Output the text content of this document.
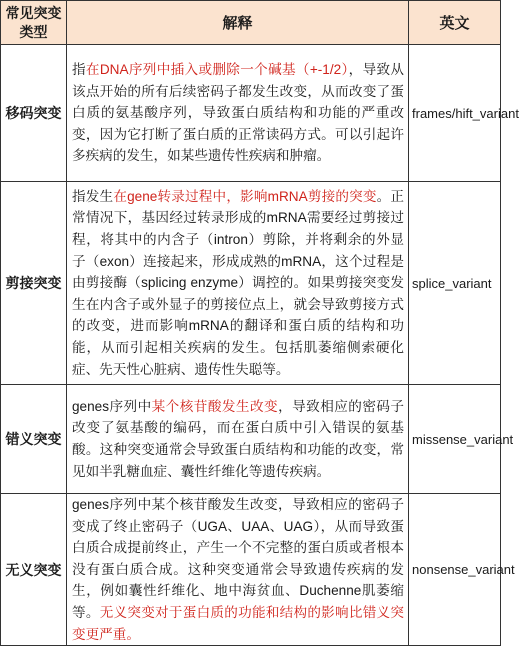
常见突变类型	解释	英文
移码突变	指在DNA序列中插入或删除一个碱基（+-1/2），导致从该点开始的所有后续密码子都发生改变，从而改变了蛋白质的氨基酸序列，导致蛋白质结构和功能的严重改变，因为它打断了蛋白质的正常读码方式。可以引起许多疾病的发生，如某些遗传性疾病和肿瘤。	frames/hift_variant
剪接突变	指发生在gene转录过程中，影响mRNA剪接的突变。正常情况下，基因经过转录形成的mRNA需要经过剪接过程，将其中的内含子（intron）剪除，并将剩余的外显子（exon）连接起来，形成成熟的mRNA，这个过程是由剪接酶（splicing enzyme）调控的。如果剪接突变发生在内含子或外显子的剪接位点上，就会导致剪接方式的改变，进而影响mRNA的翻译和蛋白质的结构和功能，从而引起相关疾病的发生。包括肌萎缩侧索硬化症、先天性心脏病、遗传性失聪等。	splice_variant
错义突变	genes序列中某个核苷酸发生改变，导致相应的密码子改变了氨基酸的编码，而在蛋白质中引入错误的氨基酸。这种突变通常会导致蛋白质结构和功能的改变，常见如半乳糖血症、囊性纤维化等遗传疾病。	missense_variant
无义突变	genes序列中某个核苷酸发生改变，导致相应的密码子变成了终止密码子（UGA、UAA、UAG），从而导致蛋白质合成提前终止，产生一个不完整的蛋白质或者根本没有蛋白质合成。这种突变通常会导致遗传疾病的发生，例如囊性纤维化、地中海贫血、Duchenne肌萎缩等。无义突变对于蛋白质的功能和结构的影响比错义突变更严重。	nonsense_variant
